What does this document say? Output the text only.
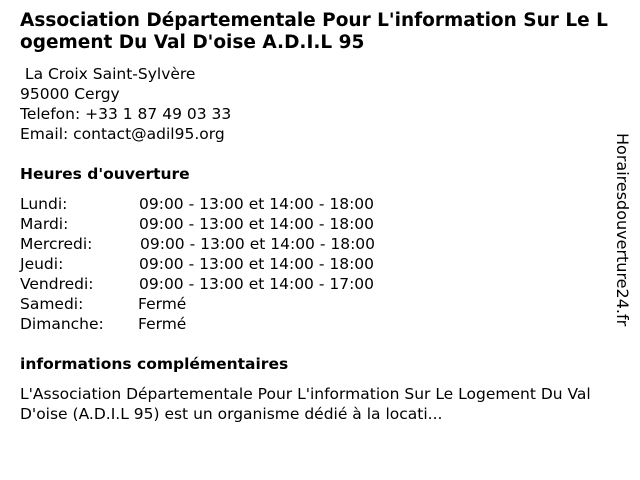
Association Départementale Pour L'information Sur Le Logement Du Val D'oise A.D.I.L 95
La Croix Saint-Sylvère
95000 Cergy
Telefon: +33 1 87 49 03 33
Email: contact@adil95.org
Heures d'ouverture
Lundi:	09:00 - 13:00 et 14:00 - 18:00
Mardi:	09:00 - 13:00 et 14:00 - 18:00
Mercredi:	09:00 - 13:00 et 14:00 - 18:00
Jeudi:	09:00 - 13:00 et 14:00 - 18:00
Vendredi:	09:00 - 13:00 et 14:00 - 17:00
Samedi:	Fermé
Dimanche: Fermé
informations complémentaires
L'Association Départementale Pour L'information Sur Le Logement Du Val D'oise (A.D.I.L 95) est un organisme dédié à la locati...
Horairesdouverture24.fr
